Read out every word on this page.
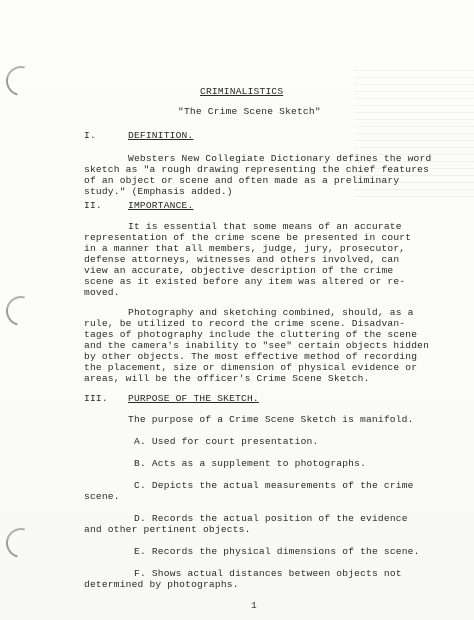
CRIMINALISTICS
"The Crime Scene Sketch"
I.	DEFINITION.
Websters New Collegiate Dictionary defines the word
sketch as "a rough drawing representing the chief features
of an object or scene and often made as a preliminary
study." (Emphasis added.)
II.	IMPORTANCE.
It is essential that some means of an accurate
representation of the crime scene be presented in court
in a manner that all members, judge, jury, prosecutor,
defense attorneys, witnesses and others involved, can
view an accurate, objective description of the crime
scene as it existed before any item was altered or re-
moved.
Photography and sketching combined, should, as a
rule, be utilized to record the crime scene. Disadvan-
tages of photography include the cluttering of the scene
and the camera's inability to "see" certain objects hidden
by other objects. The most effective method of recording
the placement, size or dimension of physical evidence or
areas, will be the officer's Crime Scene Sketch.
III. PURPOSE OF THE SKETCH.
The purpose of a Crime Scene Sketch is manifold.
A. Used for court presentation.
B. Acts as a supplement to photographs.
C. Depicts the actual measurements of the crime
scene.
D. Records the actual position of the evidence
and other pertinent objects.
E. Records the physical dimensions of the scene.
F. Shows actual distances between objects not
determined by photographs.
1
